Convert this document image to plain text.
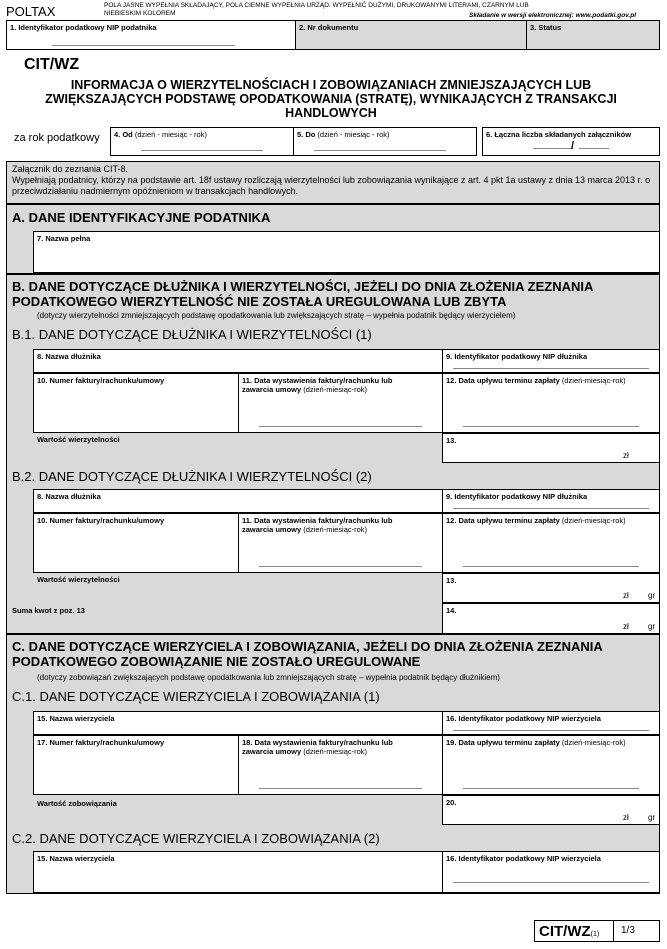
POLTAX	POLA JASNE WYPEŁNIA SKŁADAJĄCY, POLA CIEMNE WYPEŁNIA URZĄD. WYPEŁNIĆ DUŻYMI, DRUKOWANYMI LITERAMI, CZARNYM LUB NIEBIESKIM KOLOREM	Składanie w wersji elektronicznej: www.podatki.gov.pl
1. Identyfikator podatkowy NIP podatnika	2. Nr dokumentu	3. Status
CIT/WZ
INFORMACJA O WIERZYTELNOŚCIACH I ZOBOWIĄZANIACH ZMNIEJSZAJĄCYCH LUB ZWIĘKSZAJĄCYCH PODSTAWĘ OPODATKOWANIA (STRATĘ), WYNIKAJĄCYCH Z TRANSAKCJI HANDLOWYCH
za rok podatkowy 4. Od (dzień - miesiąc - rok)	5. Do (dzień - miesiąc - rok)	6. Łączna liczba składanych załączników
/
Załącznik do zeznania CIT-8.
Wypełniają podatnicy, którzy na podstawie art. 18f ustawy rozliczają wierzytelności lub zobowiązania wynikające z art. 4 pkt 1a ustawy z dnia 13 marca 2013 r. o przeciwdziałaniu nadmiernym opóźnieniom w transakcjach handlowych.
A. DANE IDENTYFIKACYJNE PODATNIKA
7. Nazwa pełna
B. DANE DOTYCZĄCE DŁUŻNIKA I WIERZYTELNOŚCI, JEŻELI DO DNIA ZŁOŻENIA ZEZNANIA PODATKOWEGO WIERZYTELNOŚĆ NIE ZOSTAŁA UREGULOWANA LUB ZBYTA
(dotyczy wierzytelności zmniejszających podstawę opodatkowania lub zwiększających stratę – wypełnia podatnik będący wierzycielem)
B.1. DANE DOTYCZĄCE DŁUŻNIKA I WIERZYTELNOŚCI (1)
8. Nazwa dłużnika	9. Identyfikator podatkowy NIP dłużnika
10. Numer faktury/rachunku/umowy	11. Data wystawienia faktury/rachunku lub zawarcia umowy (dzień-miesiąc-rok)
12. Data upływu terminu zapłaty (dzień-miesiąc-rok)
Wartość wierzytelności	13.
zł
B.2. DANE DOTYCZĄCE DŁUŻNIKA I WIERZYTELNOŚCI (2)
8. Nazwa dłużnika	9. Identyfikator podatkowy NIP dłużnika
10. Numer faktury/rachunku/umowy	11. Data wystawienia faktury/rachunku lub zawarcia umowy (dzień-miesiąc-rok)
12. Data upływu terminu zapłaty (dzień-miesiąc-rok)
Wartość wierzytelności	13.
zł gr
Suma kwot z poz. 13	14.
zł gr
C. DANE DOTYCZĄCE WIERZYCIELA I ZOBOWIĄZANIA, JEŻELI DO DNIA ZŁOŻENIA ZEZNANIA PODATKOWEGO ZOBOWIĄZANIE NIE ZOSTAŁO UREGULOWANE
(dotyczy zobowiązań zwiększających podstawę opodatkowania lub zmniejszających stratę – wypełnia podatnik będący dłużnikiem)
C.1. DANE DOTYCZĄCE WIERZYCIELA I ZOBOWIĄZANIA (1)
15. Nazwa wierzyciela	16. Identyfikator podatkowy NIP wierzyciela
17. Numer faktury/rachunku/umowy	18. Data wystawienia faktury/rachunku lub zawarcia umowy (dzień-miesiąc-rok)
19. Data upływu terminu zapłaty (dzień-miesiąc-rok)
Wartość zobowiązania	20.
zł gr
C.2. DANE DOTYCZĄCE WIERZYCIELA I ZOBOWIĄZANIA (2)
15. Nazwa wierzyciela	16. Identyfikator podatkowy NIP wierzyciela
CIT/WZ(1) 1/3
